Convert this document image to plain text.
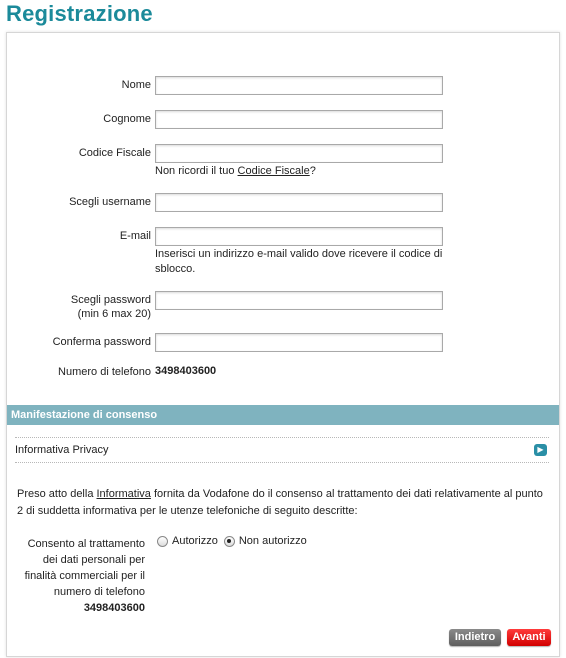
Registrazione
Nome
Cognome
Codice Fiscale
Non ricordi il tuo Codice Fiscale?
Scegli username
E-mail
Inserisci un indirizzo e-mail valido dove ricevere il codice di sblocco.
Scegli password
(min 6 max 20)
Conferma password
Numero di telefono 3498403600
Manifestazione di consenso
Informativa Privacy	▶
Preso atto della Informativa fornita da Vodafone do il consenso al trattamento dei dati relativamente al punto 2 di suddetta informativa per le utenze telefoniche di seguito descritte:
Consento al trattamento
dei dati personali per
finalità commerciali per il
numero di telefono
3498403600
Autorizzo Non autorizzo
Indietro	Avanti
